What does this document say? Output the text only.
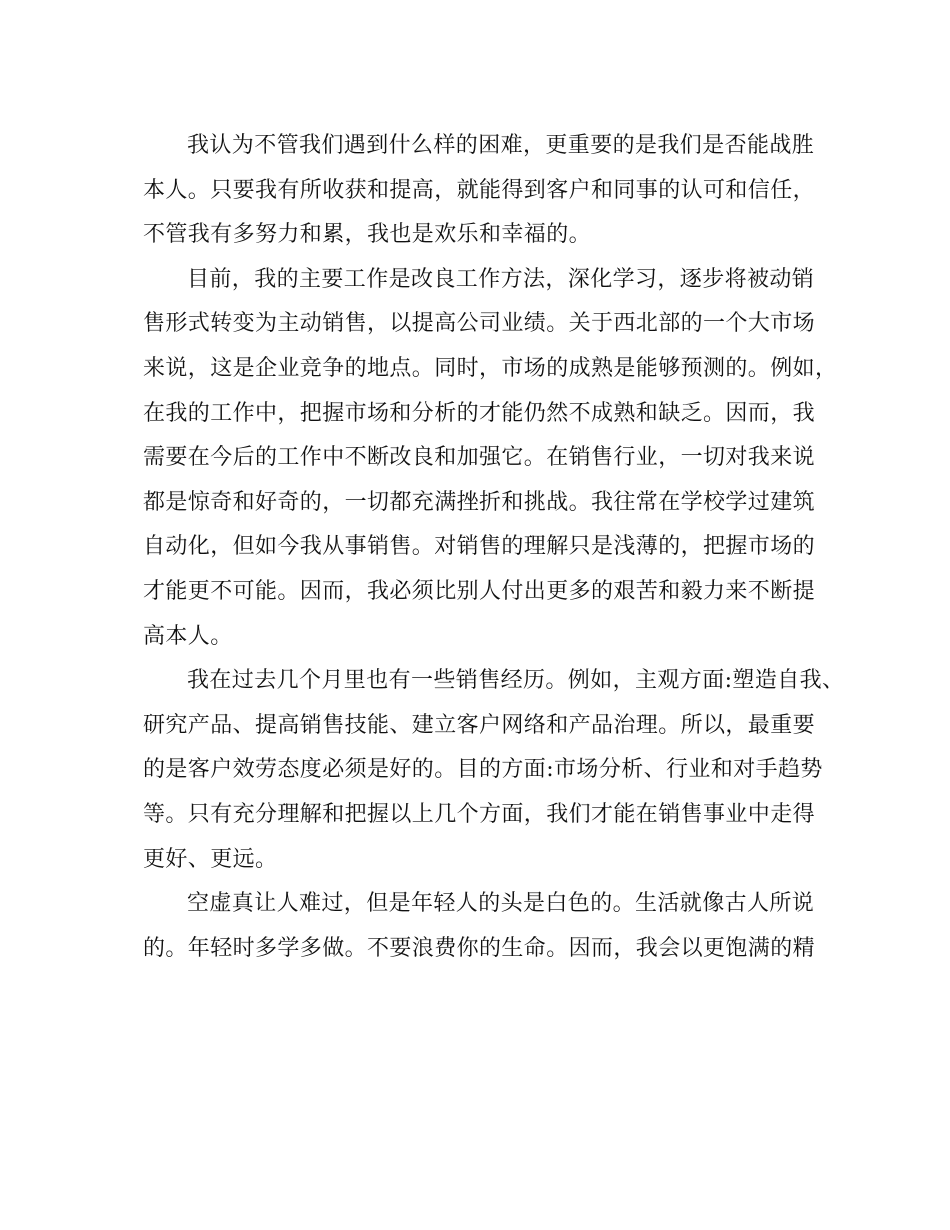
我认为不管我们遇到什么样的困难，更重要的是我们是否能战胜
本人。只要我有所收获和提高，就能得到客户和同事的认可和信任，
不管我有多努力和累，我也是欢乐和幸福的。
目前，我的主要工作是改良工作方法，深化学习，逐步将被动销
售形式转变为主动销售，以提高公司业绩。关于西北部的一个大市场
来说，这是企业竞争的地点。同时，市场的成熟是能够预测的。例如，
在我的工作中，把握市场和分析的才能仍然不成熟和缺乏。因而，我
需要在今后的工作中不断改良和加强它。在销售行业，一切对我来说
都是惊奇和好奇的，一切都充满挫折和挑战。我往常在学校学过建筑
自动化，但如今我从事销售。对销售的理解只是浅薄的，把握市场的
才能更不可能。因而，我必须比别人付出更多的艰苦和毅力来不断提
高本人。
我在过去几个月里也有一些销售经历。例如，主观方面:塑造自我、
研究产品、提高销售技能、建立客户网络和产品治理。所以，最重要
的是客户效劳态度必须是好的。目的方面:市场分析、行业和对手趋势
等。只有充分理解和把握以上几个方面，我们才能在销售事业中走得
更好、更远。
空虚真让人难过，但是年轻人的头是白色的。生活就像古人所说
的。年轻时多学多做。不要浪费你的生命。因而，我会以更饱满的精
